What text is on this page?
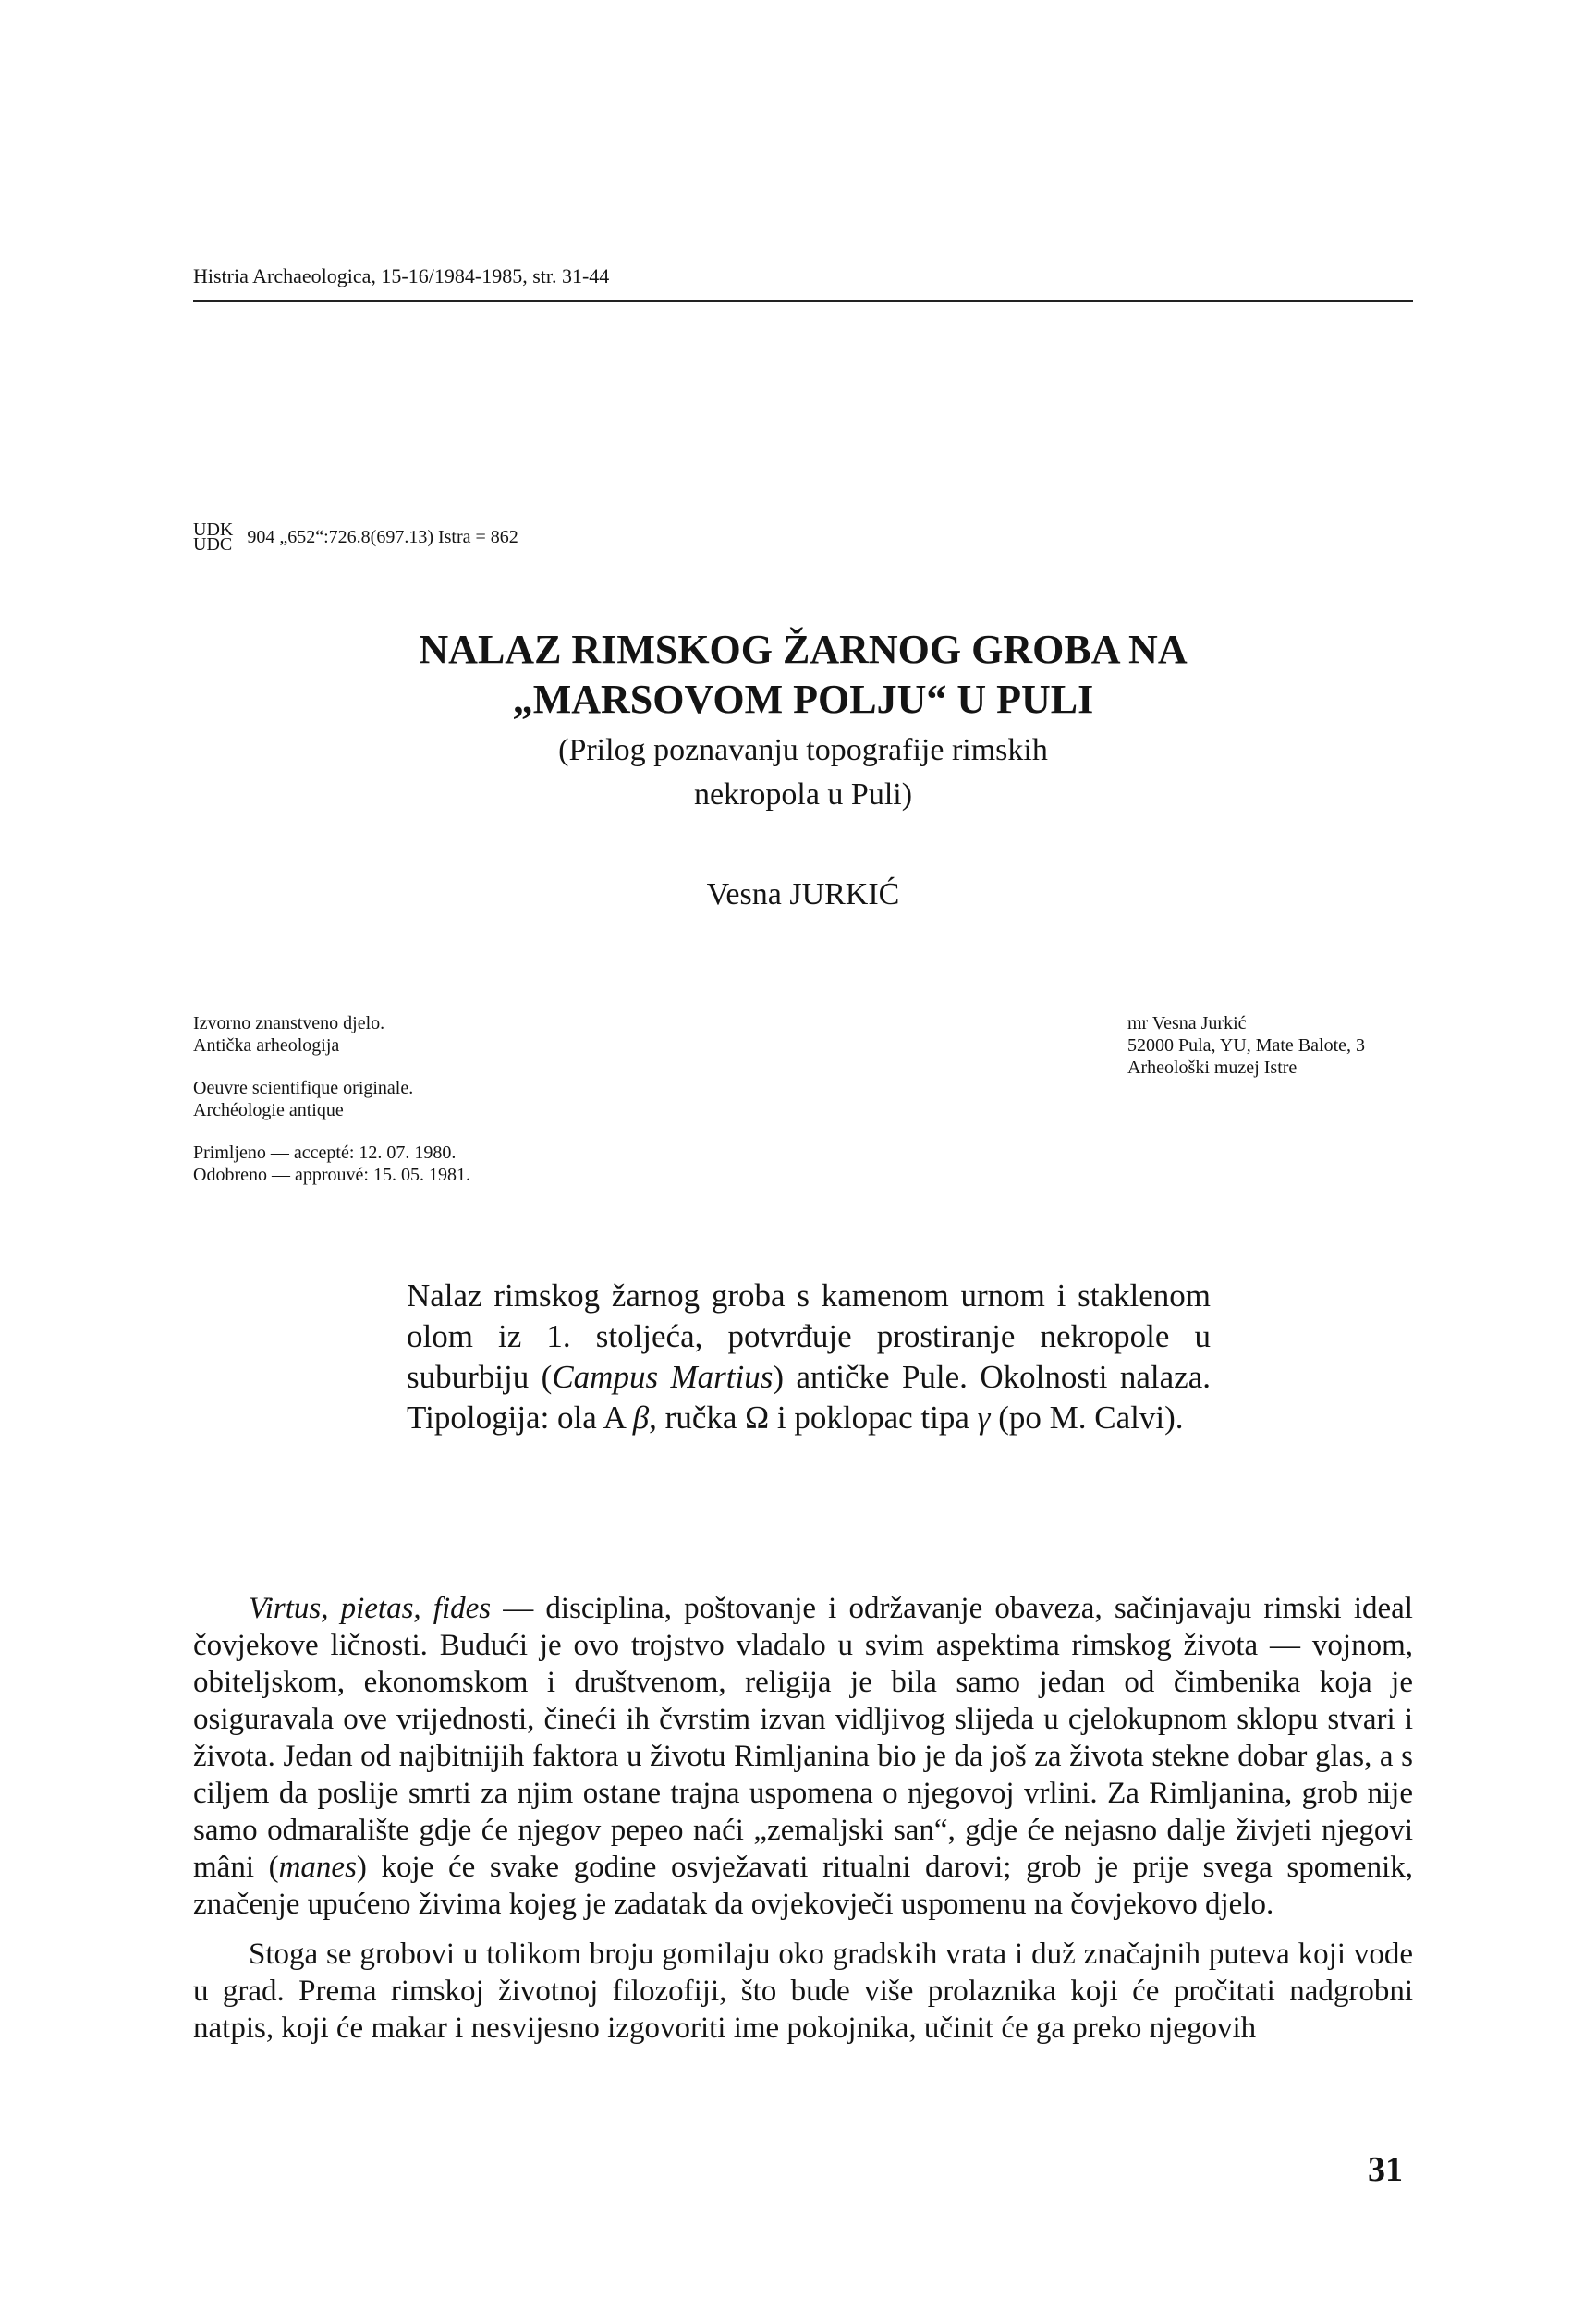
Histria Archaeologica, 15-16/1984-1985, str. 31-44
UDK
UDC 904 „652“:726.8(697.13) Istra = 862
NALAZ RIMSKOG ŽARNOG GROBA NA
„MARSOVOM POLJU“ U PULI
(Prilog poznavanju topografije rimskih
nekropola u Puli)
Vesna JURKIĆ
Izvorno znanstveno djelo.
Antička arheologija
Oeuvre scientifique originale.
Archéologie antique
Primljeno — accepté: 12. 07. 1980.
Odobreno — approuvé: 15. 05. 1981.
mr Vesna Jurkić
52000 Pula, YU, Mate Balote, 3
Arheološki muzej Istre
Nalaz rimskog žarnog groba s kamenom urnom i staklenom olom iz 1. stoljeća, potvrđuje prostiranje nekropole u suburbiju (Campus Martius) antičke Pule. Okolnosti nalaza. Tipologija: ola A β, ručka Ω i poklopac tipa γ (po M. Calvi).

Virtus, pietas, fides — disciplina, poštovanje i održavanje obaveza, sačinjavaju rimski ideal čovjekove ličnosti. Budući je ovo trojstvo vladalo u svim aspektima rimskog života — vojnom, obiteljskom, ekonomskom i društvenom, religija je bila samo jedan od čimbenika koja je osiguravala ove vrijednosti, čineći ih čvrstim izvan vidljivog slijeda u cjelokupnom sklopu stvari i života. Jedan od najbitnijih faktora u životu Rimljanina bio je da još za života stekne dobar glas, a s ciljem da poslije smrti za njim ostane trajna uspomena o njegovoj vrlini. Za Rimljanina, grob nije samo odmaralište gdje će njegov pepeo naći „zemaljski san“, gdje će nejasno dalje živjeti njegovi mâni (manes) koje će svake godine osvježavati ritualni darovi; grob je prije svega spomenik, značenje upućeno živima kojeg je zadatak da ovjekovječi uspomenu na čovjekovo djelo.

Stoga se grobovi u tolikom broju gomilaju oko gradskih vrata i duž značajnih puteva koji vode u grad. Prema rimskoj životnoj filozofiji, što bude više prolaznika koji će pročitati nadgrobni natpis, koji će makar i nesvijesno izgovoriti ime pokojnika, učinit će ga preko njegovih

31
